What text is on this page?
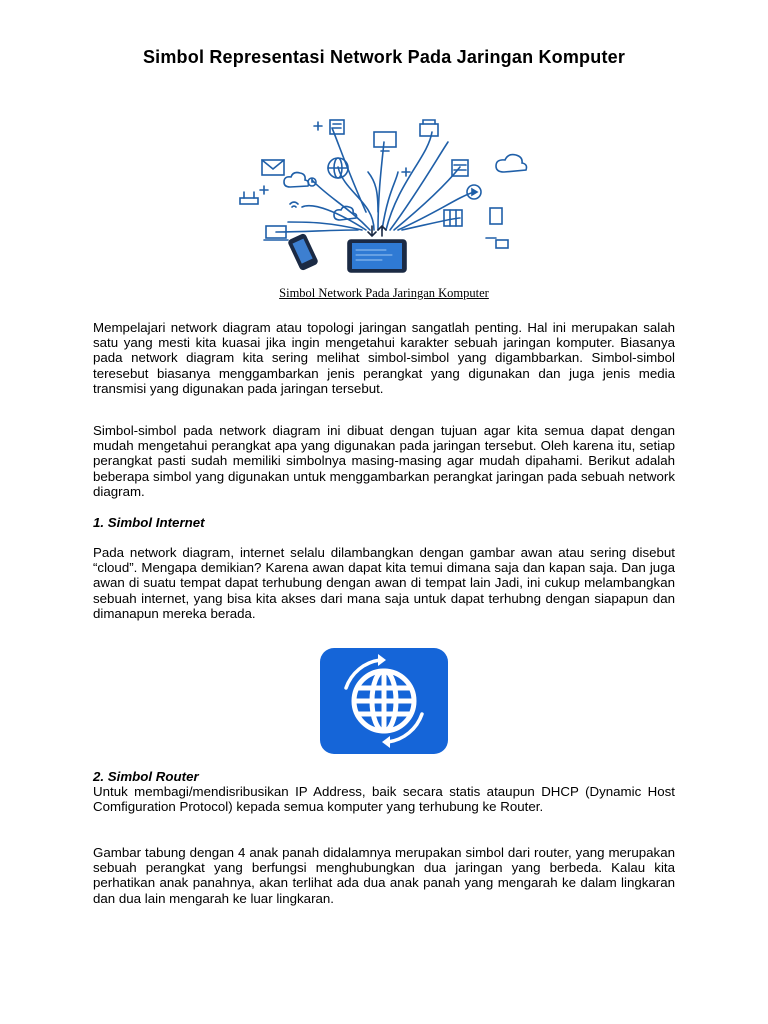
Simbol Representasi Network Pada Jaringan Komputer
Simbol Network Pada Jaringan Komputer

Mempelajari network diagram atau topologi jaringan sangatlah penting. Hal ini merupakan salah satu yang mesti kita kuasai jika ingin mengetahui karakter sebuah jaringan komputer. Biasanya pada network diagram kita sering melihat simbol-simbol yang digambbarkan. Simbol-simbol teresebut biasanya menggambarkan jenis perangkat yang digunakan dan juga jenis media transmisi yang digunakan pada jaringan tersebut.

Simbol-simbol pada network diagram ini dibuat dengan tujuan agar kita semua dapat dengan mudah mengetahui perangkat apa yang digunakan pada jaringan tersebut. Oleh karena itu, setiap perangkat pasti sudah memiliki simbolnya masing-masing agar mudah dipahami. Berikut adalah beberapa simbol yang digunakan untuk menggambarkan perangkat jaringan pada sebuah network diagram.

1. Simbol Internet

Pada network diagram, internet selalu dilambangkan dengan gambar awan atau sering disebut “cloud”. Mengapa demikian? Karena awan dapat kita temui dimana saja dan kapan saja. Dan juga awan di suatu tempat dapat terhubung dengan awan di tempat lain Jadi, ini cukup melambangkan sebuah internet, yang bisa kita akses dari mana saja untuk dapat terhubng dengan siapapun dan dimanapun mereka berada.

2. Simbol Router

Untuk membagi/mendisribusikan IP Address, baik secara statis ataupun DHCP (Dynamic Host Comfiguration Protocol) kepada semua komputer yang terhubung ke Router.

Gambar tabung dengan 4 anak panah didalamnya merupakan simbol dari router, yang merupakan sebuah perangkat yang berfungsi menghubungkan dua jaringan yang berbeda. Kalau kita perhatikan anak panahnya, akan terlihat ada dua anak panah yang mengarah ke dalam lingkaran dan dua lain mengarah ke luar lingkaran.
